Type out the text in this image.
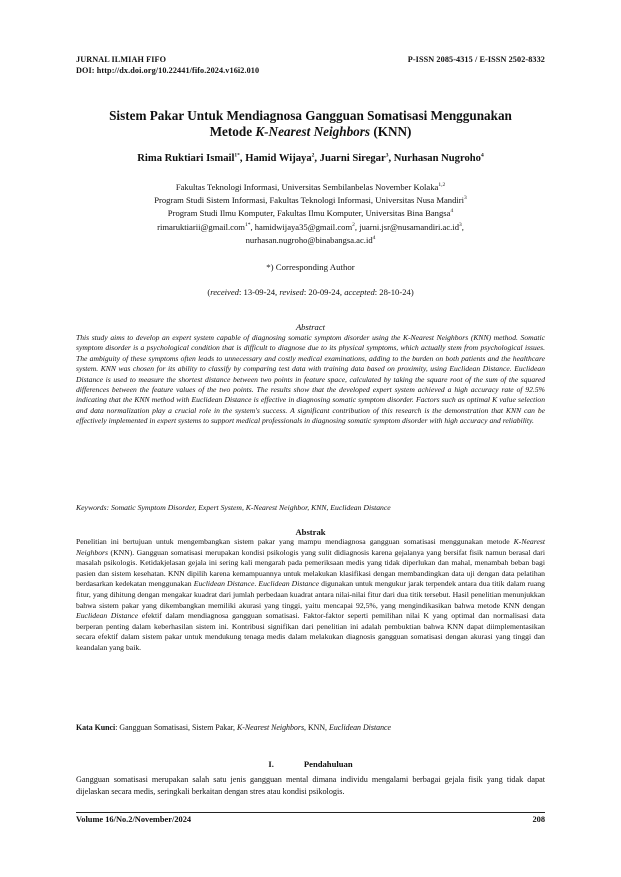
JURNAL ILMIAH FIFO
DOI: http://dx.doi.org/10.22441/fifo.2024.v16i2.010
P-ISSN 2085-4315 / E-ISSN 2502-8332
Sistem Pakar Untuk Mendiagnosa Gangguan Somatisasi Menggunakan
Metode K-Nearest Neighbors (KNN)
Rima Ruktiari Ismail$^{1*}$, Hamid Wijaya$^2$, Juarni Siregar$^3$, Nurhasan Nugroho$^4$
Fakultas Teknologi Informasi, Universitas Sembilanbelas November Kolaka$^{1,2}$
Program Studi Sistem Informasi, Fakultas Teknologi Informasi, Universitas Nusa Mandiri$^3$
Program Studi Ilmu Komputer, Fakultas Ilmu Komputer, Universitas Bina Bangsa$^4$
rimaruktiarii@gmail.com$^{1*}$, hamidwijaya35@gmail.com$^2$, $juarni.jsr@nusamandiri.ac.id^3$,
$nurhasan.nugroho@binabangsa.ac.id^4$
*) Corresponding Author
(received: 13-09-24, revised: 20-09-24, accepted: 28-10-24)
Abstract
This study aims to develop an expert system capable of diagnosing somatic symptom disorder using the K-Nearest Neighbors (KNN) method. Somatic symptom disorder is a psychological condition that is difficult to diagnose due to its physical symptoms, which actually stem from psychological issues. The ambiguity of these symptoms often leads to unnecessary and costly medical examinations, adding to the burden on both patients and the healthcare system. KNN was chosen for its ability to classify by comparing test data with training data based on proximity, using Euclidean Distance. Euclidean Distance is used to measure the shortest distance between two points in feature space, calculated by taking the square root of the sum of the squared differences between the feature values of the two points. The results show that the developed expert system achieved a high accuracy rate of 92.5% indicating that the KNN method with Euclidean Distance is effective in diagnosing somatic symptom disorder. Factors such as optimal K value selection and data normalization play a crucial role in the system's success. A significant contribution of this research is the demonstration that KNN can be effectively implemented in expert systems to support medical professionals in diagnosing somatic symptom disorder with high accuracy and reliability.
Keywords: Somatic Symptom Disorder, Expert System, K-Nearest Neighbor, KNN, Euclidean Distance
Abstrak
Penelitian ini bertujuan untuk mengembangkan sistem pakar yang mampu mendiagnosa gangguan somatisasi menggunakan metode K-Nearest Neighbors (KNN). Gangguan somatisasi merupakan kondisi psikologis yang sulit didiagnosis karena gejalanya yang bersifat fisik namun berasal dari masalah psikologis. Ketidakjelasan gejala ini sering kali mengarah pada pemeriksaan medis yang tidak diperlukan dan mahal, menambah beban bagi pasien dan sistem kesehatan. KNN dipilih karena kemampuannya untuk melakukan klasifikasi dengan membandingkan data uji dengan data pelatihan berdasarkan kedekatan menggunakan Euclidean Distance. Euclidean Distance digunakan untuk mengukur jarak terpendek antara dua titik dalam ruang fitur, yang dihitung dengan mengakar kuadrat dari jumlah perbedaan kuadrat antara nilai-nilai fitur dari dua titik tersebut. Hasil penelitian menunjukkan bahwa sistem pakar yang dikembangkan memiliki akurasi yang tinggi, yaitu mencapai 92,5%, yang mengindikasikan bahwa metode KNN dengan Euclidean Distance efektif dalam mendiagnosa gangguan somatisasi. Faktor-faktor seperti pemilihan nilai K yang optimal dan normalisasi data berperan penting dalam keberhasilan sistem ini. Kontribusi signifikan dari penelitian ini adalah pembuktian bahwa KNN dapat diimplementasikan secara efektif dalam sistem pakar untuk mendukung tenaga medis dalam melakukan diagnosis gangguan somatisasi dengan akurasi yang tinggi dan keandalan yang baik.
Kata Kunci: Gangguan Somatisasi, Sistem Pakar, K-Nearest Neighbors, KNN, Euclidean Distance
I.	Pendahuluan
Gangguan somatisasi merupakan salah satu jenis gangguan mental dimana individu mengalami berbagai gejala fisik yang tidak dapat dijelaskan secara medis, seringkali berkaitan dengan stres atau kondisi psikologis.
Volume 16/No.2/November/2024	208
